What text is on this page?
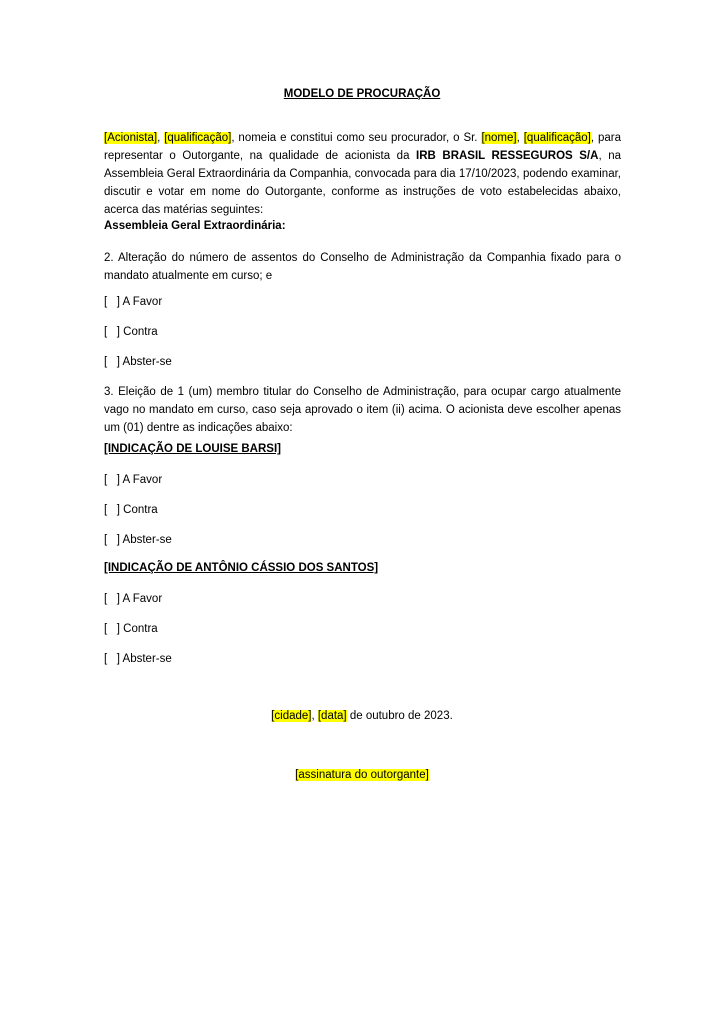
MODELO DE PROCURAÇÃO
[Acionista], [qualificação], nomeia e constitui como seu procurador, o Sr. [nome], [qualificação], para representar o Outorgante, na qualidade de acionista da IRB BRASIL RESSEGUROS S/A, na Assembleia Geral Extraordinária da Companhia, convocada para dia 17/10/2023, podendo examinar, discutir e votar em nome do Outorgante, conforme as instruções de voto estabelecidas abaixo, acerca das matérias seguintes:
Assembleia Geral Extraordinária:
2. Alteração do número de assentos do Conselho de Administração da Companhia fixado para o mandato atualmente em curso; e
[   ] A Favor
[   ] Contra
[   ] Abster-se
3. Eleição de 1 (um) membro titular do Conselho de Administração, para ocupar cargo atualmente vago no mandato em curso, caso seja aprovado o item (ii) acima. O acionista deve escolher apenas um (01) dentre as indicações abaixo:
[INDICAÇÃO DE LOUISE BARSI]
[   ] A Favor
[   ] Contra
[   ] Abster-se
[INDICAÇÃO DE ANTÔNIO CÁSSIO DOS SANTOS]
[   ] A Favor
[   ] Contra
[   ] Abster-se
[cidade], [data] de outubro de 2023.
[assinatura do outorgante]
